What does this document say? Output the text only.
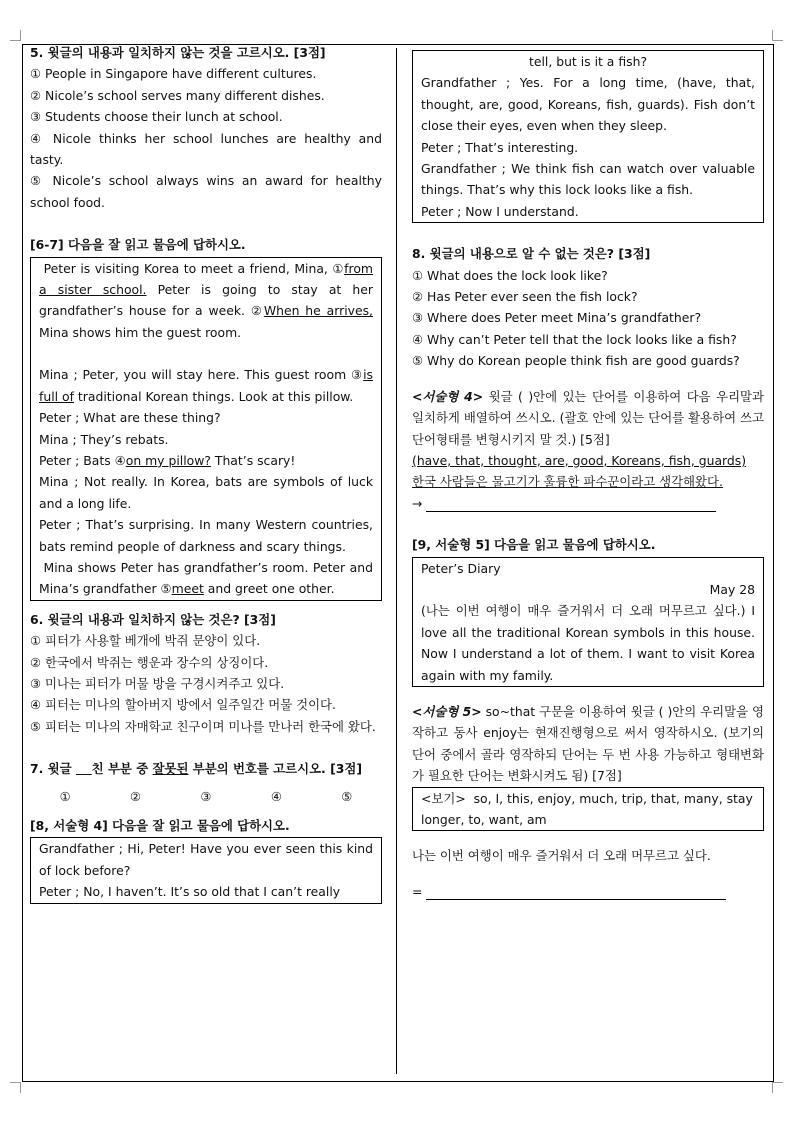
5. 윗글의 내용과 일치하지 않는 것을 고르시오. [3점]

① People in Singapore have different cultures.

② Nicole’s school serves many different dishes.

③ Students choose their lunch at school.

④ Nicole thinks her school lunches are healthy and tasty.

⑤ Nicole’s school always wins an award for healthy school food.

[6-7] 다음을 잘 읽고 물음에 답하시오.

Peter is visiting Korea to meet a friend, Mina, ①from a sister school. Peter is going to stay at her grandfather’s house for a week. ②When he arrives, Mina shows him the guest room.

Mina ; Peter, you will stay here. This guest room ③is full of traditional Korean things. Look at this pillow.

Peter ; What are these thing?

Mina ; They’s rebats.

Peter ; Bats ④on my pillow? That’s scary!

Mina ; Not really. In Korea, bats are symbols of luck and a long life.

Peter ; That’s surprising. In many Western countries, bats remind people of darkness and scary things.

Mina shows Peter has grandfather’s room. Peter and Mina’s grandfather ⑤meet and greet one other.

6. 윗글의 내용과 일치하지 않는 것은? [3점]

① 피터가 사용할 베개에 박쥐 문양이 있다.

② 한국에서 박쥐는 행운과 장수의 상징이다.

③ 미나는 피터가 머물 방을 구경시켜주고 있다.

④ 피터는 미나의 할아버지 방에서 일주일간 머물 것이다.

⑤ 피터는 미나의 자매학교 친구이며 미나를 만나러 한국에 왔다.

7. 윗글     친 부분 중 잘못된 부분의 번호를 고르시오. [3점]

①	②	③	④	⑤

[8, 서술형 4] 다음을 잘 읽고 물음에 답하시오.

Grandfather ; Hi, Peter! Have you ever seen this kind of lock before?

Peter ; No, I haven’t. It’s so old that I can’t really

tell, but is it a fish?

Grandfather ; Yes. For a long time, (have, that, thought, are, good, Koreans, fish, guards). Fish don’t close their eyes, even when they sleep.

Peter ; That’s interesting.

Grandfather ; We think fish can watch over valuable things. That’s why this lock looks like a fish.

Peter ; Now I understand.

8. 윗글의 내용으로 알 수 없는 것은? [3점]

① What does the lock look like?

② Has Peter ever seen the fish lock?

③ Where does Peter meet Mina’s grandfather?

④ Why can’t Peter tell that the lock looks like a fish?

⑤ Why do Korean people think fish are good guards?

<서술형 4> 윗글 ( )안에 있는 단어를 이용하여 다음 우리말과 일치하게 배열하여 쓰시오. (괄호 안에 있는 단어를 활용하여 쓰고 단어형태를 변형시키지 말 것.) [5점]

(have, that, thought, are, good, Koreans, fish, guards)

한국 사람들은 물고기가 훌륭한 파수꾼이라고 생각해왔다.

→

[9, 서술형 5] 다음을 읽고 물음에 답하시오.

Peter’s Diary

May 28

(나는 이번 여행이 매우 즐거워서 더 오래 머무르고 싶다.) I love all the traditional Korean symbols in this house. Now I understand a lot of them. I want to visit Korea again with my family.

<서술형 5> so~that 구문을 이용하여 윗글 ( )안의 우리말을 영작하고 동사 enjoy는 현재진행형으로 써서 영작하시오. (보기의 단어 중에서 골라 영작하되 단어는 두 번 사용 가능하고 형태변화가 필요한 단어는 변화시켜도 됨) [7점]

<보기> so, I, this, enjoy, much, trip, that, many, stay longer, to, want, am

나는 이번 여행이 매우 즐거워서 더 오래 머무르고 싶다.

=
